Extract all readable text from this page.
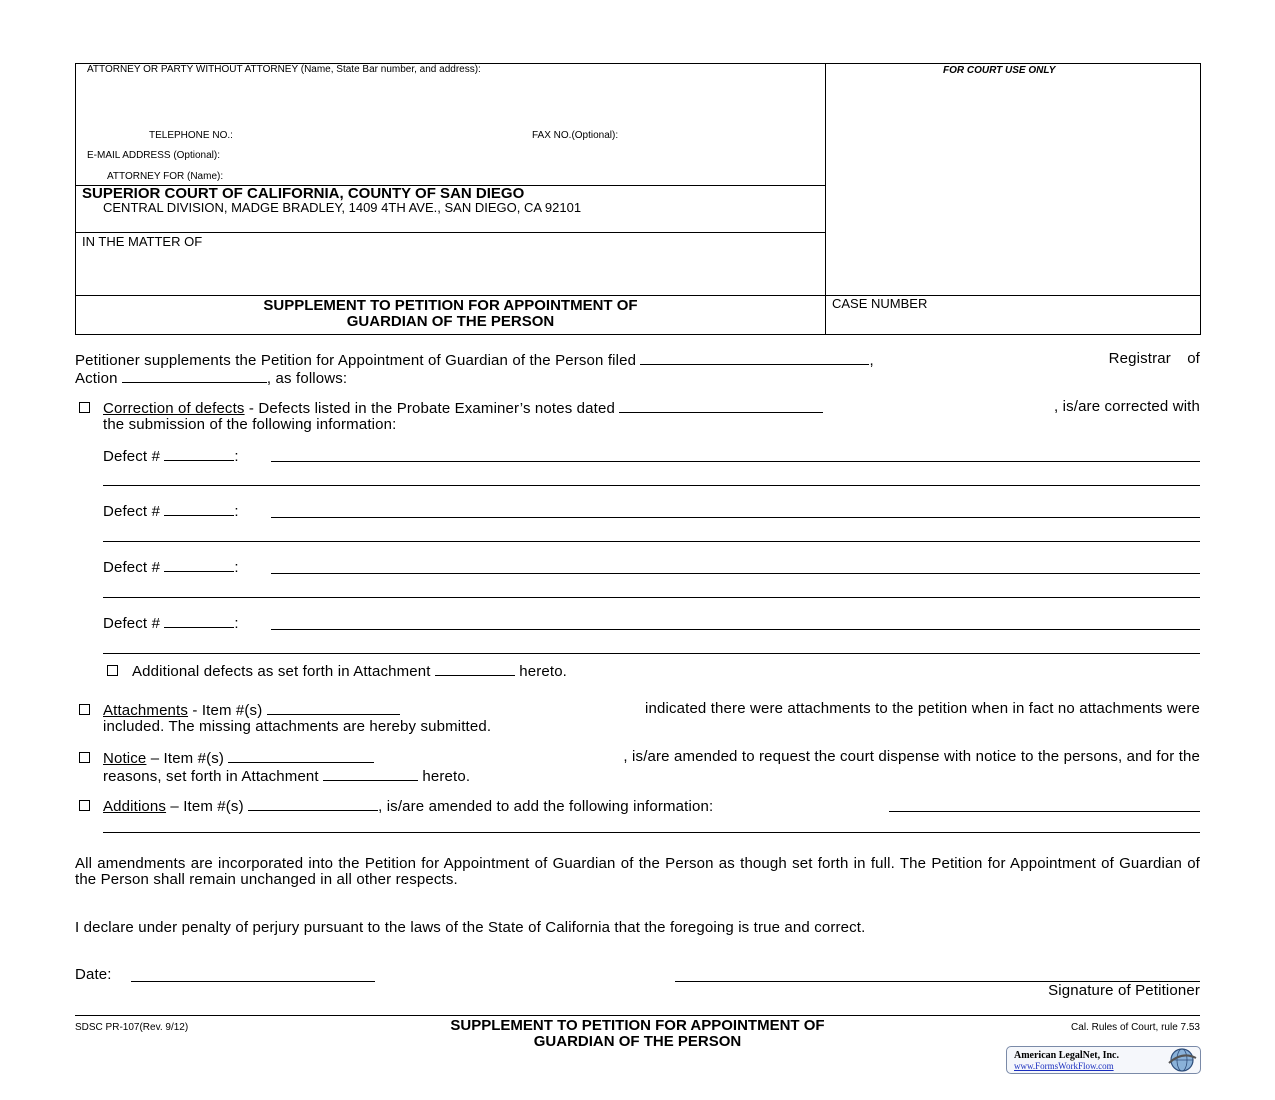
ATTORNEY OR PARTY WITHOUT ATTORNEY (Name, State Bar number, and address):
TELEPHONE NO.:	FAX NO.(Optional):
E-MAIL ADDRESS (Optional):
ATTORNEY FOR (Name):
FOR COURT USE ONLY
SUPERIOR COURT OF CALIFORNIA, COUNTY OF SAN DIEGO
CENTRAL DIVISION, MADGE BRADLEY, 1409 4TH AVE., SAN DIEGO, CA 92101
IN THE MATTER OF
SUPPLEMENT TO PETITION FOR APPOINTMENT OF
GUARDIAN OF THE PERSON
CASE NUMBER
Petitioner supplements the Petition for Appointment of Guardian of the Person filed	,	Registrar of
Action	, as follows:
Correction of defects - Defects listed in the Probate Examiner’s notes dated	, is/are corrected with
the submission of the following information:
Defect #	:
Defect #	:
Defect #	:
Defect #	:
Additional defects as set forth in Attachment	hereto.
Attachments - Item #(s)	indicated there were attachments to the petition when in fact no attachments were
included. The missing attachments are hereby submitted.
Notice – Item #(s)	, is/are amended to request the court dispense with notice to the persons, and for the
reasons, set forth in Attachment	hereto.
Additions – Item #(s)	, is/are amended to add the following information:
All amendments are incorporated into the Petition for Appointment of Guardian of the Person as though set forth in full. The Petition for Appointment of Guardian of the Person shall remain unchanged in all other respects.
I declare under penalty of perjury pursuant to the laws of the State of California that the foregoing is true and correct.
Date:
Signature of Petitioner
SDSC PR-107(Rev. 9/12)	SUPPLEMENT TO PETITION FOR APPOINTMENT OF
GUARDIAN OF THE PERSON
Cal. Rules of Court, rule 7.53
American LegalNet, Inc.
www.FormsWorkFlow.com
